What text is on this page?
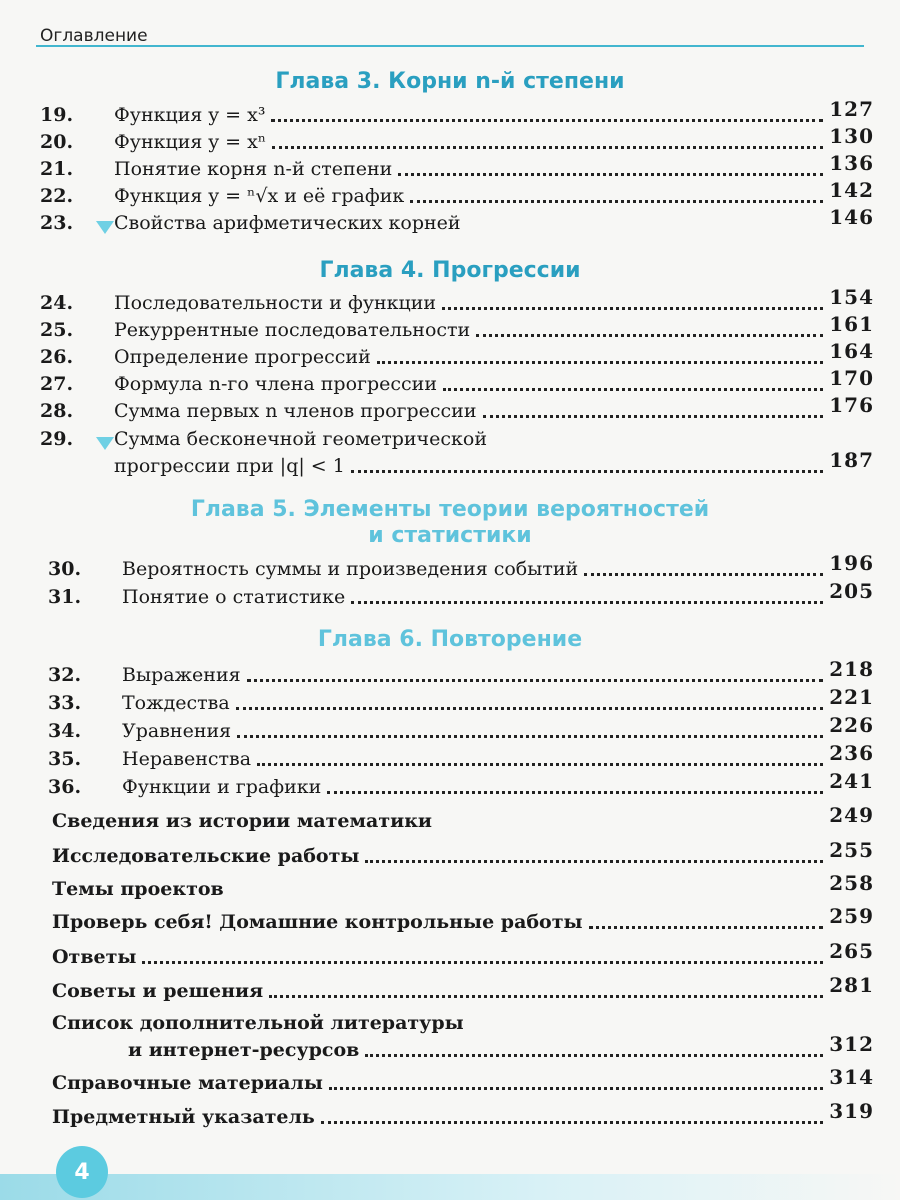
Оглавление
Глава 3. Корни n-й степени
19.	Функция y = x³	127
20.	Функция y = xⁿ	130
21.	Понятие корня n-й степени	136
22.	Функция y = ⁿ√x и её график	142
23.	Свойства арифметических корней	146
Глава 4. Прогрессии
24.	Последовательности и функции	154
25.	Рекуррентные последовательности	161
26.	Определение прогрессий	164
27.	Формула n-го члена прогрессии	170
28.	Сумма первых n членов прогрессии	176
29.	Сумма бесконечной геометрической
прогрессии при |q| < 1	187
Глава 5. Элементы теории вероятностей
и статистики
30.	Вероятность суммы и произведения событий	196
31.	Понятие о статистике	205
Глава 6. Повторение
32.	Выражения	218
33.	Тождества	221
34.	Уравнения	226
35.	Неравенства	236
36.	Функции и графики	241
Сведения из истории математики	249
Исследовательские работы	255
Темы проектов	258
Проверь себя! Домашние контрольные работы	259
Ответы	265
Советы и решения	281
Список дополнительной литературы
и интернет-ресурсов	312
Справочные материалы	314
Предметный указатель	319
4
